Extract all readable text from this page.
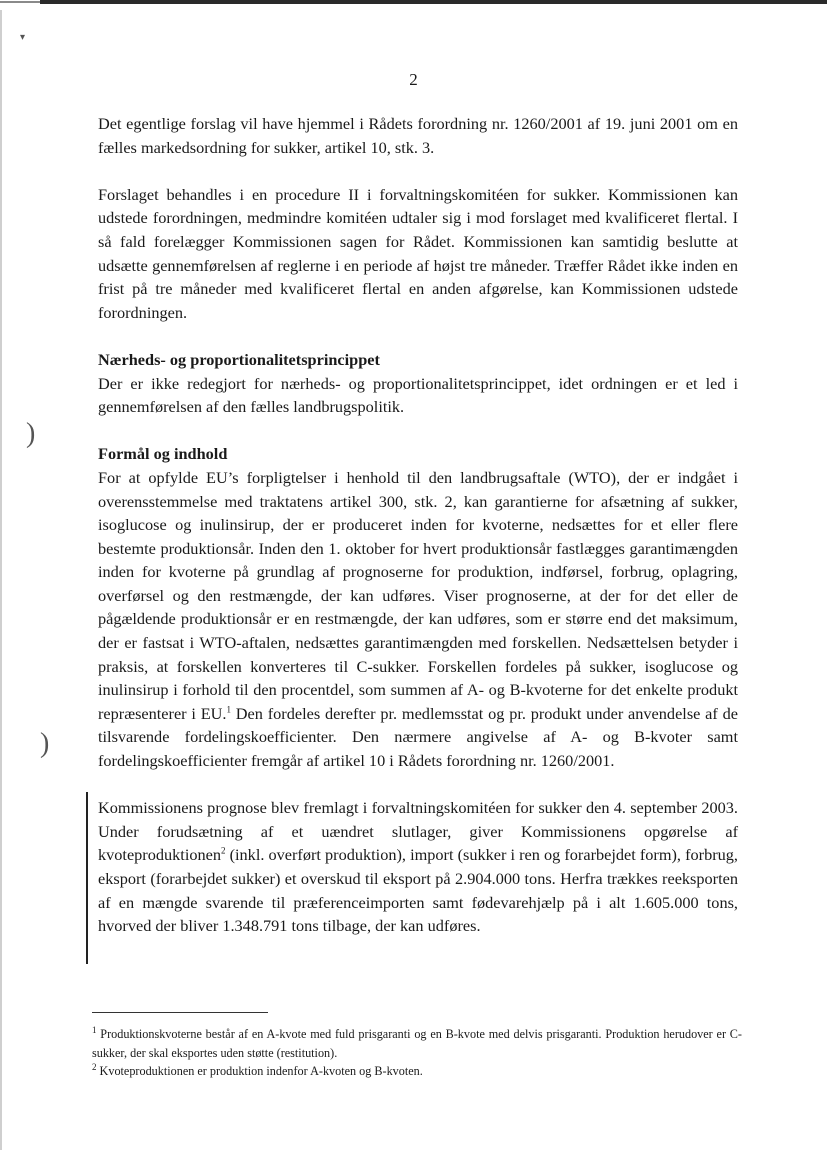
▾
)
)
2

Det egentlige forslag vil have hjemmel i Rådets forordning nr. 1260/2001 af 19. juni 2001 om en fælles markedsordning for sukker, artikel 10, stk. 3.

Forslaget behandles i en procedure II i forvaltningskomitéen for sukker. Kommissionen kan udstede forordningen, medmindre komitéen udtaler sig i mod forslaget med kvalificeret flertal. I så fald forelægger Kommissionen sagen for Rådet. Kommissionen kan samtidig beslutte at udsætte gennemførelsen af reglerne i en periode af højst tre måneder. Træffer Rådet ikke inden en frist på tre måneder med kvalificeret flertal en anden afgørelse, kan Kommissionen udstede forordningen.

Nærheds- og proportionalitetsprincippet

Der er ikke redegjort for nærheds- og proportionalitetsprincippet, idet ordningen er et led i gennemførelsen af den fælles landbrugspolitik.

Formål og indhold

For at opfylde EU’s forpligtelser i henhold til den landbrugsaftale (WTO), der er indgået i overensstemmelse med traktatens artikel 300, stk. 2, kan garantierne for afsætning af sukker, isoglucose og inulinsirup, der er produceret inden for kvoterne, nedsættes for et eller flere bestemte produktionsår. Inden den 1. oktober for hvert produktionsår fastlægges garantimængden inden for kvoterne på grundlag af prognoserne for produktion, indførsel, forbrug, oplagring, overførsel og den restmængde, der kan udføres. Viser prognoserne, at der for det eller de pågældende produktionsår er en restmængde, der kan udføres, som er større end det maksimum, der er fastsat i WTO-aftalen, nedsættes garantimængden med forskellen. Nedsættelsen betyder i praksis, at forskellen konverteres til C-sukker. Forskellen fordeles på sukker, isoglucose og inulinsirup i forhold til den procentdel, som summen af A- og B-kvoterne for det enkelte produkt repræsenterer i EU.$^1$ Den fordeles derefter pr. medlemsstat og pr. produkt under anvendelse af de tilsvarende fordelingskoefficienter. Den nærmere angivelse af A- og B-kvoter samt fordelingskoefficienter fremgår af artikel 10 i Rådets forordning nr. 1260/2001.

Kommissionens prognose blev fremlagt i forvaltningskomitéen for sukker den 4. september 2003. Under forudsætning af et uændret slutlager, giver Kommissionens opgørelse af kvoteproduktionen$^2$ (inkl. overført produktion), import (sukker i ren og forarbejdet form), forbrug, eksport (forarbejdet sukker) et overskud til eksport på 2.904.000 tons. Herfra trækkes reeksporten af en mængde svarende til præferenceimporten samt fødevarehjælp på i alt 1.605.000 tons, hvorved der bliver 1.348.791 tons tilbage, der kan udføres.

$^1$ Produktionskvoterne består af en A-kvote med fuld prisgaranti og en B-kvote med delvis prisgaranti. Produktion herudover er C-sukker, der skal eksportes uden støtte (restitution).

$^2$ Kvoteproduktionen er produktion indenfor A-kvoten og B-kvoten.
